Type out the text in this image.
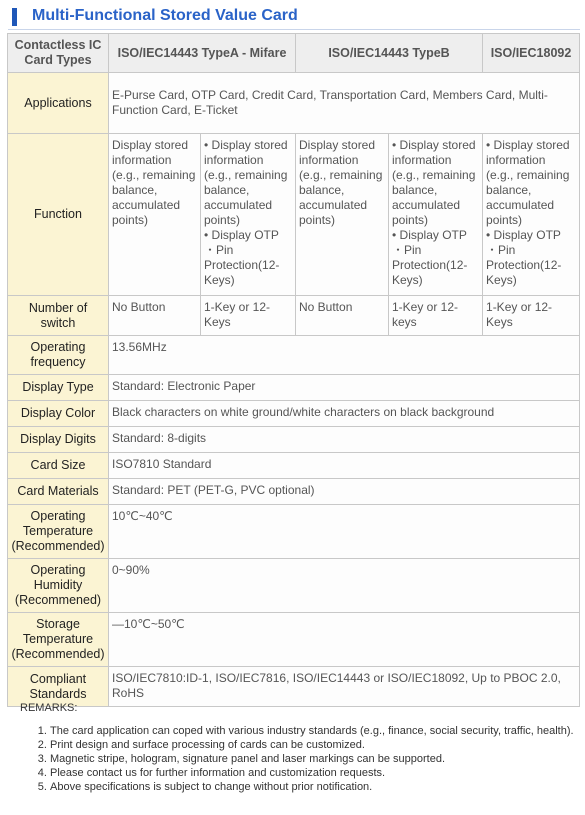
Multi-Functional Stored Value Card
Contactless IC Card Types	ISO/IEC14443 TypeA - Mifare		ISO/IEC14443 TypeB		ISO/IEC18092
Applications	E-Purse Card, OTP Card, Credit Card, Transportation Card, Members Card, Multi-Function Card, E-Ticket				
Function	Display stored information (e.g., remaining balance, accumulated points)	• Display stored information (e.g., remaining balance, accumulated points)
• Display OTP
・Pin Protection(12-Keys)	Display stored information (e.g., remaining balance, accumulated points)	• Display stored information (e.g., remaining balance, accumulated points)
• Display OTP
・Pin Protection(12-Keys)	• Display stored information (e.g., remaining balance, accumulated points)
• Display OTP
・Pin Protection(12-Keys)
Number of switch	No Button	1-Key or 12-Keys	No Button	1-Key or 12-keys	1-Key or 12-Keys
Operating frequency	13.56MHz				
Display Type	Standard: Electronic Paper				
Display Color	Black characters on white ground/white characters on black background				
Display Digits	Standard: 8-digits				
Card Size	ISO7810 Standard				
Card Materials	Standard: PET (PET-G, PVC optional)				
Operating Temperature (Recommended)	10℃~40℃				
Operating Humidity (Recommened)	0~90%				
Storage Temperature (Recommended)	—10℃~50℃				
Compliant Standards	ISO/IEC7810:ID-1, ISO/IEC7816, ISO/IEC14443 or ISO/IEC18092, Up to PBOC 2.0, RoHS				
REMARKS:
1. The card application can coped with various industry standards (e.g., finance, social security, traffic, health).
2. Print design and surface processing of cards can be customized.
3. Magnetic stripe, hologram, signature panel and laser markings can be supported.
4. Please contact us for further information and customization requests.
5. Above specifications is subject to change without prior notification.
